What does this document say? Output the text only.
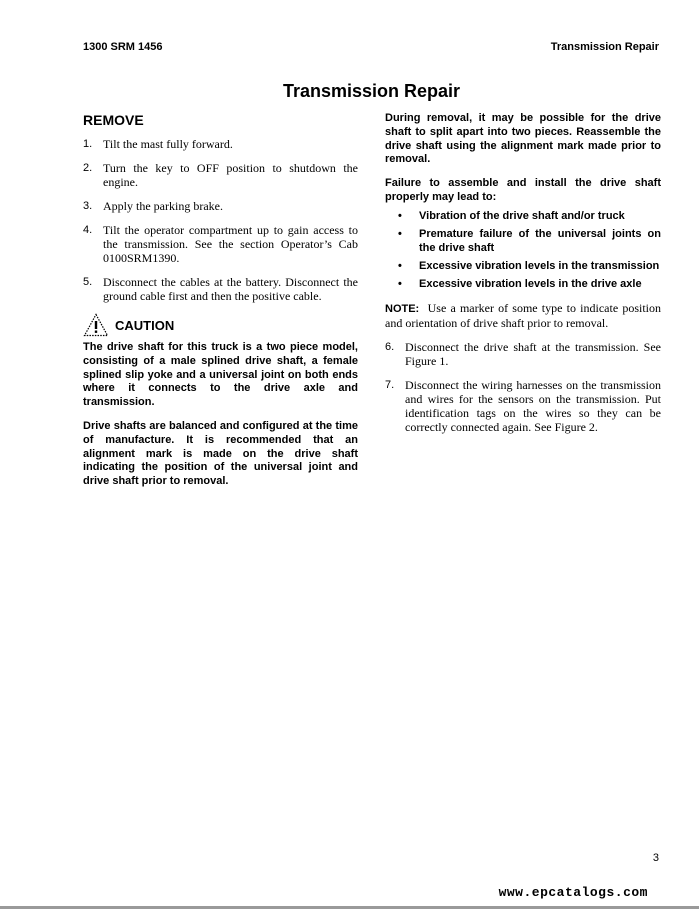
1300 SRM 1456	Transmission Repair
Transmission Repair
REMOVE
1. Tilt the mast fully forward.
2. Turn the key to OFF position to shutdown the engine.
3. Apply the parking brake.
4. Tilt the operator compartment up to gain access to the transmission. See the section Operator’s Cab 0100SRM1390.
5. Disconnect the cables at the battery. Disconnect the ground cable first and then the positive cable.
CAUTION

The drive shaft for this truck is a two piece model, consisting of a male splined drive shaft, a female splined slip yoke and a universal joint on both ends where it connects to the drive axle and transmission.

Drive shafts are balanced and configured at the time of manufacture. It is recommended that an alignment mark is made on the drive shaft indicating the position of the universal joint and drive shaft prior to removal.

During removal, it may be possible for the drive shaft to split apart into two pieces. Reassemble the drive shaft using the alignment mark made prior to removal.

Failure to assemble and install the drive shaft properly may lead to:

• Vibration of the drive shaft and/or truck
• Premature failure of the universal joints on the drive shaft
• Excessive vibration levels in the transmission
• Excessive vibration levels in the drive axle

NOTE: Use a marker of some type to indicate position and orientation of drive shaft prior to removal.

6. Disconnect the drive shaft at the transmission. See Figure 1.
7. Disconnect the wiring harnesses on the transmission and wires for the sensors on the transmission. Put identification tags on the wires so they can be correctly connected again. See Figure 2.
3
www.epcatalogs.com
